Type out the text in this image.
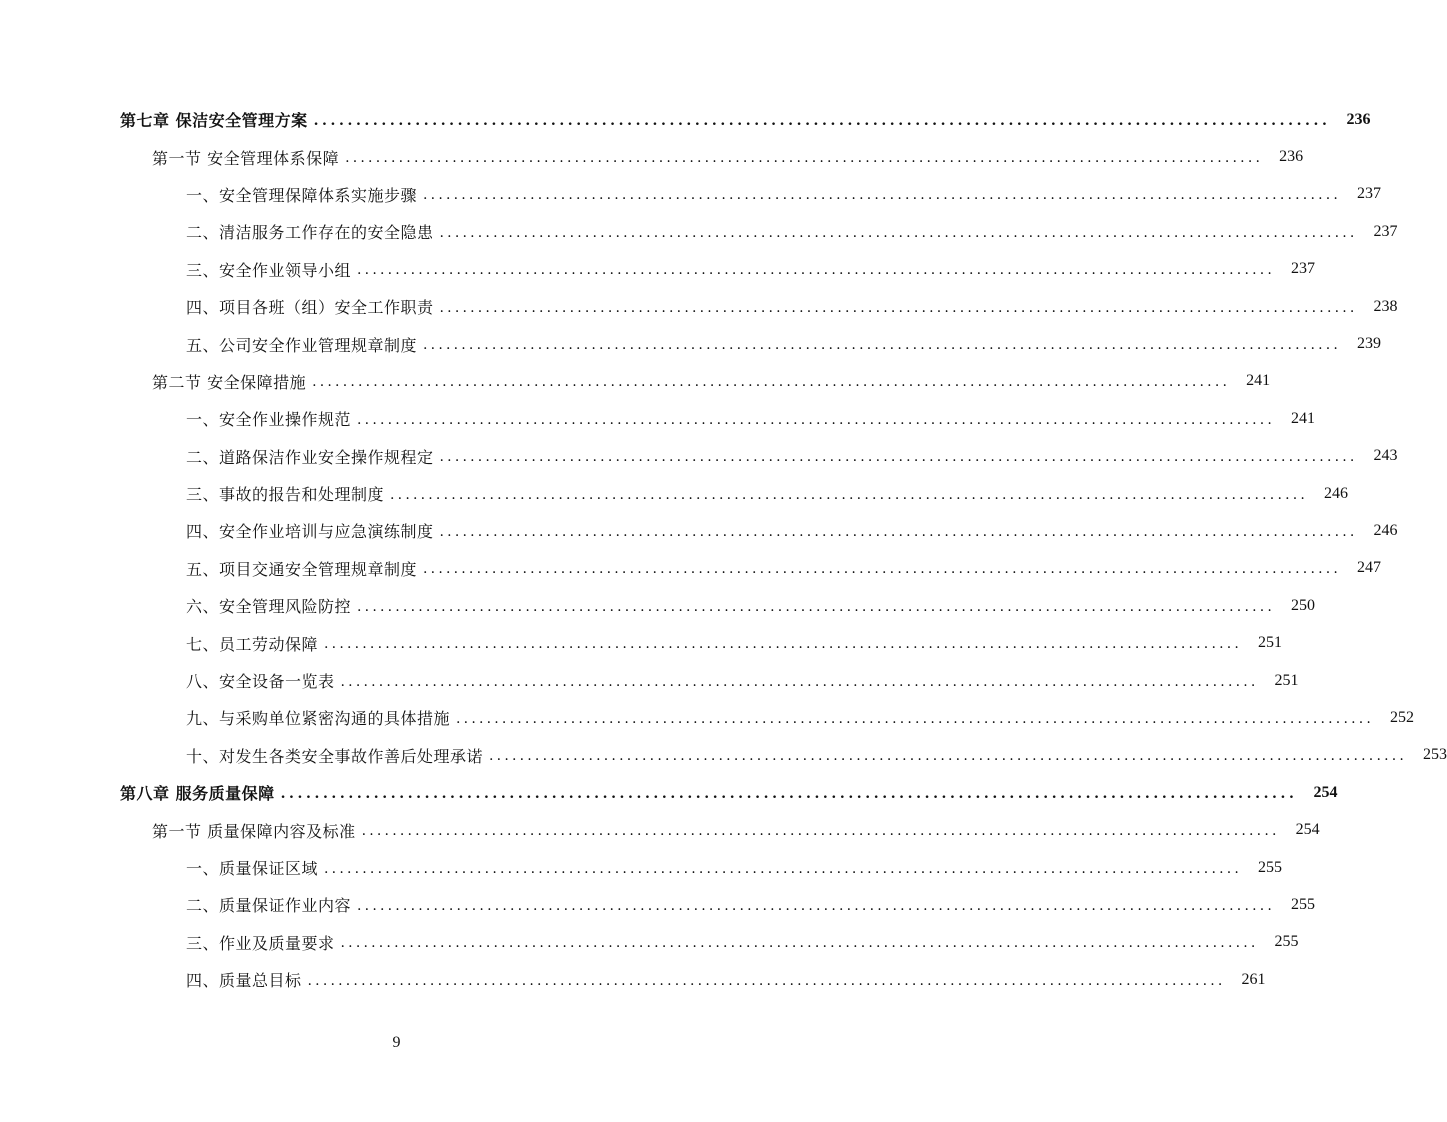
第七章 保洁安全管理方案 ........................................................................................................................	236
第一节 安全管理体系保障 ........................................................................................................................	236
一、安全管理保障体系实施步骤 ........................................................................................................................	237
二、清洁服务工作存在的安全隐患 ........................................................................................................................	237
三、安全作业领导小组 ........................................................................................................................	237
四、项目各班（组）安全工作职责 ........................................................................................................................	238
五、公司安全作业管理规章制度 ........................................................................................................................	239
第二节 安全保障措施 ........................................................................................................................	241
一、安全作业操作规范 ........................................................................................................................	241
二、道路保洁作业安全操作规程定 ........................................................................................................................	243
三、事故的报告和处理制度 ........................................................................................................................	246
四、安全作业培训与应急演练制度 ........................................................................................................................	246
五、项目交通安全管理规章制度 ........................................................................................................................	247
六、安全管理风险防控 ........................................................................................................................	250
七、员工劳动保障 ........................................................................................................................	251
八、安全设备一览表 ........................................................................................................................	251
九、与采购单位紧密沟通的具体措施 ........................................................................................................................	252
十、对发生各类安全事故作善后处理承诺 ........................................................................................................................	253
第八章 服务质量保障 ........................................................................................................................	254
第一节 质量保障内容及标准 ........................................................................................................................	254
一、质量保证区域 ........................................................................................................................	255
二、质量保证作业内容 ........................................................................................................................	255
三、作业及质量要求 ........................................................................................................................	255
四、质量总目标 ........................................................................................................................	261
9
